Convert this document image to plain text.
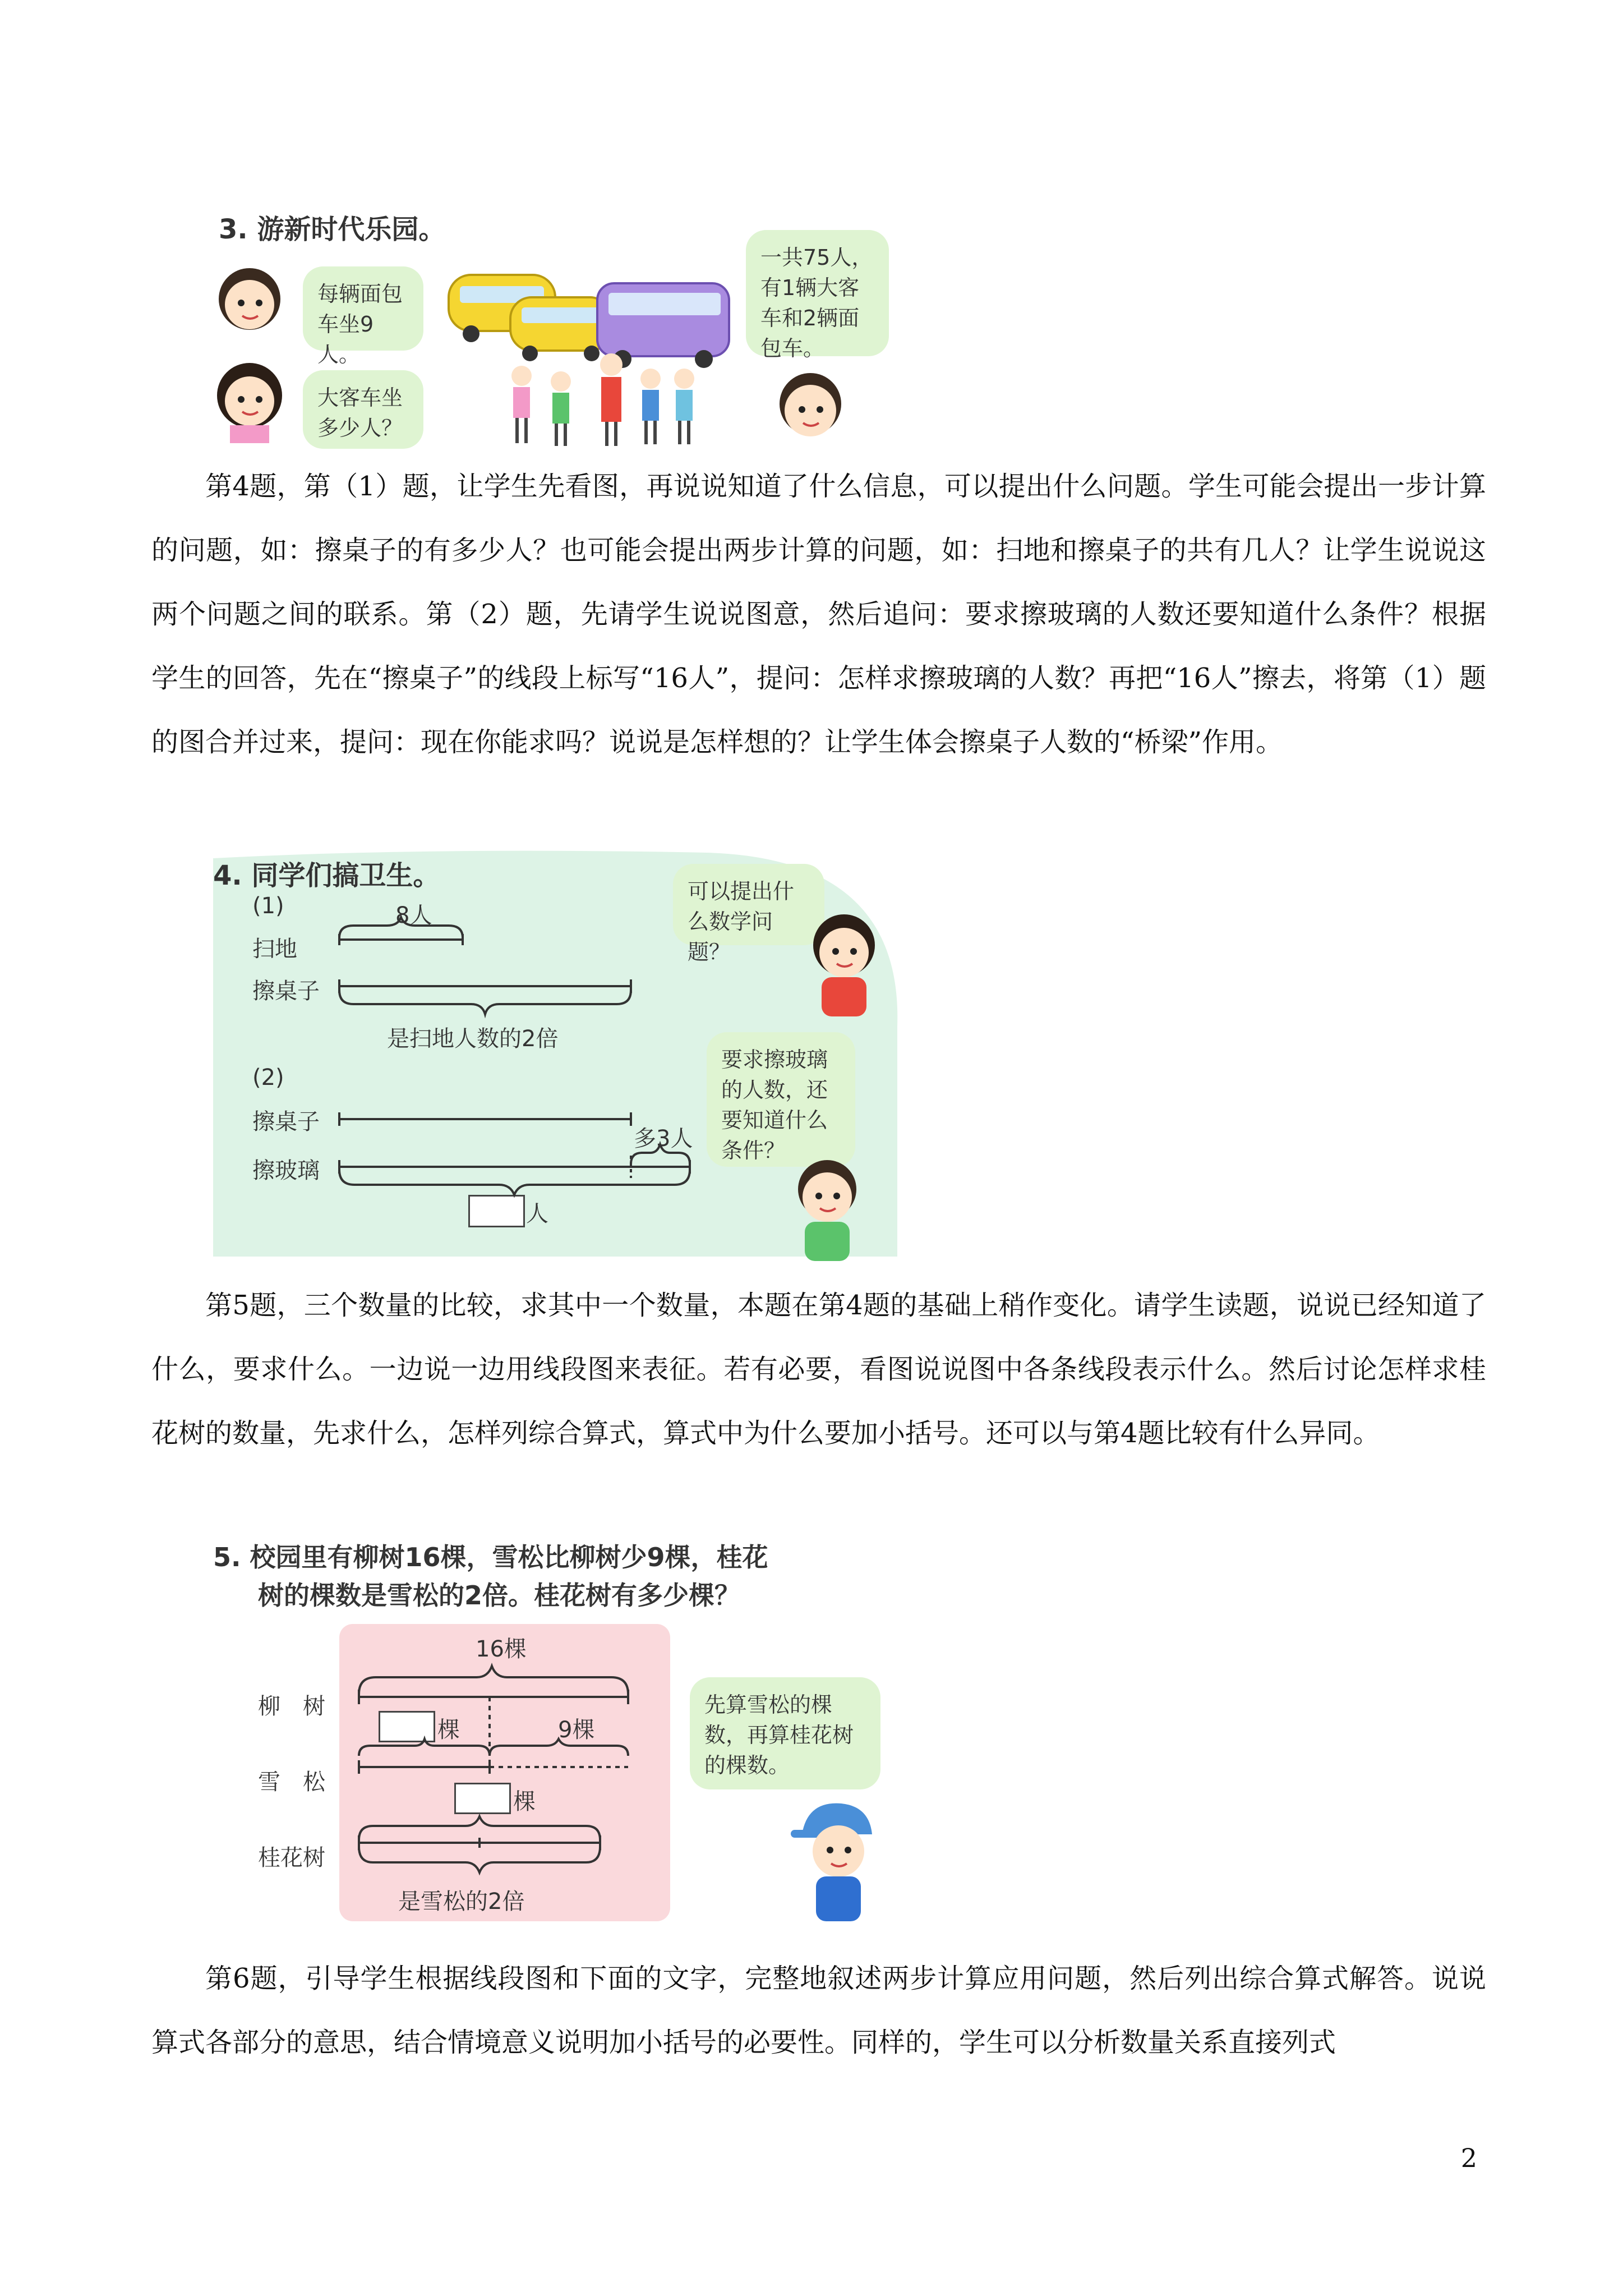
3. 游新时代乐园。
每辆面包车坐9人。
大客车坐多少人？
一共75人，有1辆大客车和2辆面包车。

第4题，第（1）题，让学生先看图，再说说知道了什么信息，可以提出什么问题。学生可能会提出一步计算的问题，如：擦桌子的有多少人？也可能会提出两步计算的问题，如：扫地和擦桌子的共有几人？让学生说说这两个问题之间的联系。第（2）题，先请学生说说图意，然后追问：要求擦玻璃的人数还要知道什么条件？根据学生的回答，先在“擦桌子”的线段上标写“16人”，提问：怎样求擦玻璃的人数？再把“16人”擦去，将第（1）题的图合并过来，提问：现在你能求吗？说说是怎样想的？让学生体会擦桌子人数的“桥梁”作用。

4. 同学们搞卫生。
(1)
扫地
擦桌子
8人
是扫地人数的2倍
(2)
擦桌子
擦玻璃
多3人
人
可以提出什么数学问题？
要求擦玻璃的人数，还要知道什么条件？

第5题，三个数量的比较，求其中一个数量，本题在第4题的基础上稍作变化。请学生读题，说说已经知道了什么，要求什么。一边说一边用线段图来表征。若有必要，看图说说图中各条线段表示什么。然后讨论怎样求桂花树的数量，先求什么，怎样列综合算式，算式中为什么要加小括号。还可以与第4题比较有什么异同。

5. 校园里有柳树16棵，雪松比柳树少9棵，桂花
树的棵数是雪松的2倍。桂花树有多少棵？
柳　树
雪　松
桂花树
16棵
棵	9棵
棵
是雪松的2倍
先算雪松的棵数，再算桂花树的棵数。

第6题，引导学生根据线段图和下面的文字，完整地叙述两步计算应用问题，然后列出综合算式解答。说说算式各部分的意思，结合情境意义说明加小括号的必要性。同样的，学生可以分析数量关系直接列式

2
